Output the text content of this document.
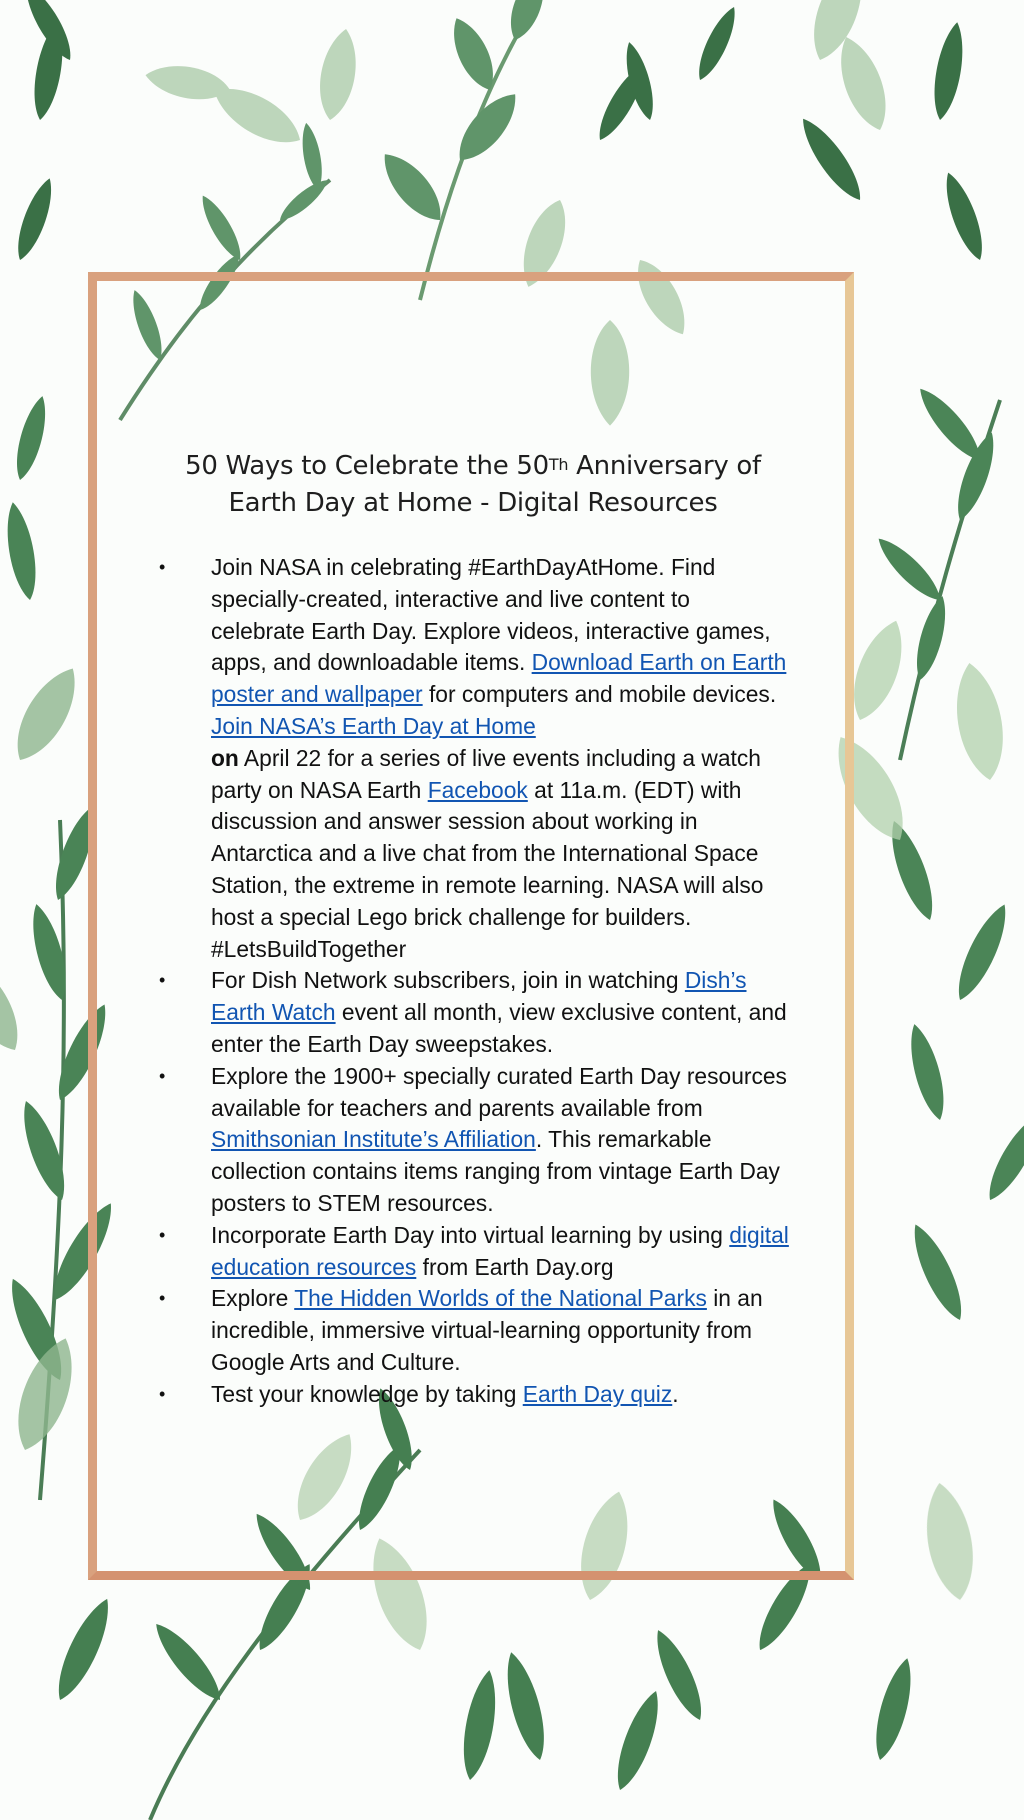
50 Ways to Celebrate the 50Th Anniversary of
Earth Day at Home - Digital Resources
• Join NASA in celebrating #EarthDayAtHome. Find specially-created, interactive and live content to celebrate Earth Day. Explore videos, interactive games, apps, and downloadable items. Download Earth on Earth poster and wallpaper for computers and mobile devices. Join NASA’s Earth Day at Home
on April 22 for a series of live events including a watch party on NASA Earth Facebook at 11a.m. (EDT) with discussion and answer session about working in Antarctica and a live chat from the International Space Station, the extreme in remote learning. NASA will also host a special Lego brick challenge for builders. #LetsBuildTogether
• For Dish Network subscribers, join in watching Dish’s Earth Watch event all month, view exclusive content, and enter the Earth Day sweepstakes.
• Explore the 1900+ specially curated Earth Day resources available for teachers and parents available from Smithsonian Institute’s Affiliation. This remarkable collection contains items ranging from vintage Earth Day posters to STEM resources.
• Incorporate Earth Day into virtual learning by using digital education resources from Earth Day.org
• Explore The Hidden Worlds of the National Parks in an incredible, immersive virtual-learning opportunity from Google Arts and Culture.
• Test your knowledge by taking Earth Day quiz.
